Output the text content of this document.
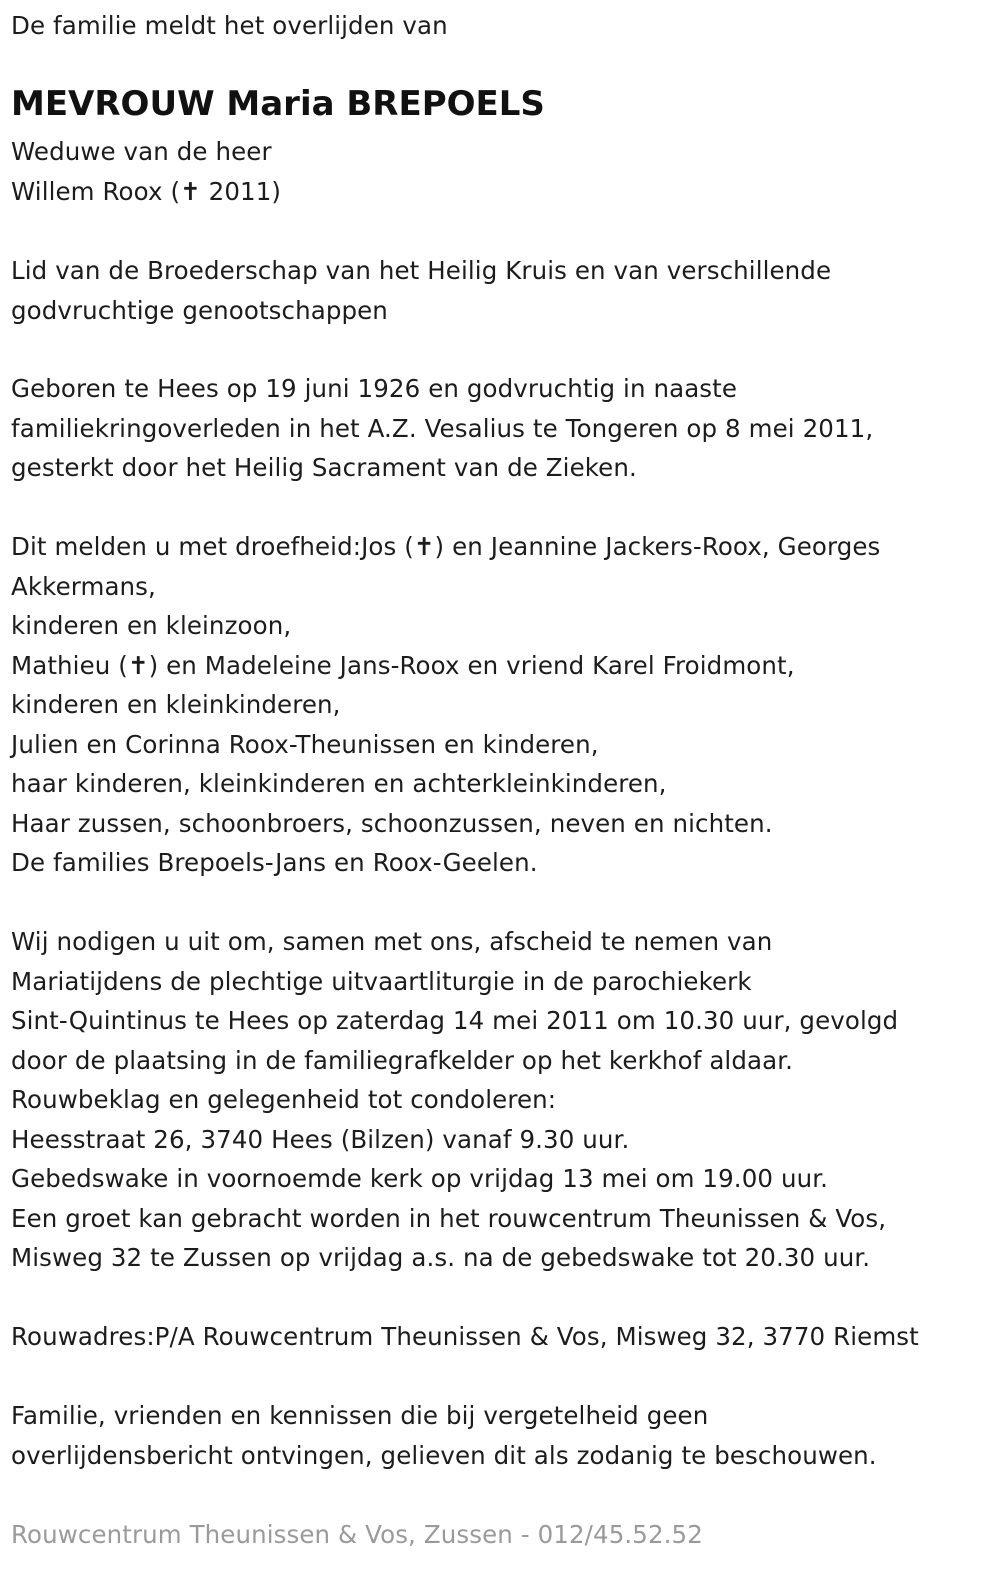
De familie meldt het overlijden van
MEVROUW Maria BREPOELS
Weduwe van de heer
Willem Roox (✝ 2011)
Lid van de Broederschap van het Heilig Kruis en van verschillende
godvruchtige genootschappen
Geboren te Hees op 19 juni 1926 en godvruchtig in naaste
familiekringoverleden in het A.Z. Vesalius te Tongeren op 8 mei 2011,
gesterkt door het Heilig Sacrament van de Zieken.
Dit melden u met droefheid:Jos (✝) en Jeannine Jackers-Roox, Georges
Akkermans,
kinderen en kleinzoon,
Mathieu (✝) en Madeleine Jans-Roox en vriend Karel Froidmont,
kinderen en kleinkinderen,
Julien en Corinna Roox-Theunissen en kinderen,
haar kinderen, kleinkinderen en achterkleinkinderen,
Haar zussen, schoonbroers, schoonzussen, neven en nichten.
De families Brepoels-Jans en Roox-Geelen.
Wij nodigen u uit om, samen met ons, afscheid te nemen van
Mariatijdens de plechtige uitvaartliturgie in de parochiekerk
Sint-Quintinus te Hees op zaterdag 14 mei 2011 om 10.30 uur, gevolgd
door de plaatsing in de familiegrafkelder op het kerkhof aldaar.
Rouwbeklag en gelegenheid tot condoleren:
Heesstraat 26, 3740 Hees (Bilzen) vanaf 9.30 uur.
Gebedswake in voornoemde kerk op vrijdag 13 mei om 19.00 uur.
Een groet kan gebracht worden in het rouwcentrum Theunissen & Vos,
Misweg 32 te Zussen op vrijdag a.s. na de gebedswake tot 20.30 uur.
Rouwadres:P/A Rouwcentrum Theunissen & Vos, Misweg 32, 3770 Riemst
Familie, vrienden en kennissen die bij vergetelheid geen
overlijdensbericht ontvingen, gelieven dit als zodanig te beschouwen.
Rouwcentrum Theunissen & Vos, Zussen - 012/45.52.52
